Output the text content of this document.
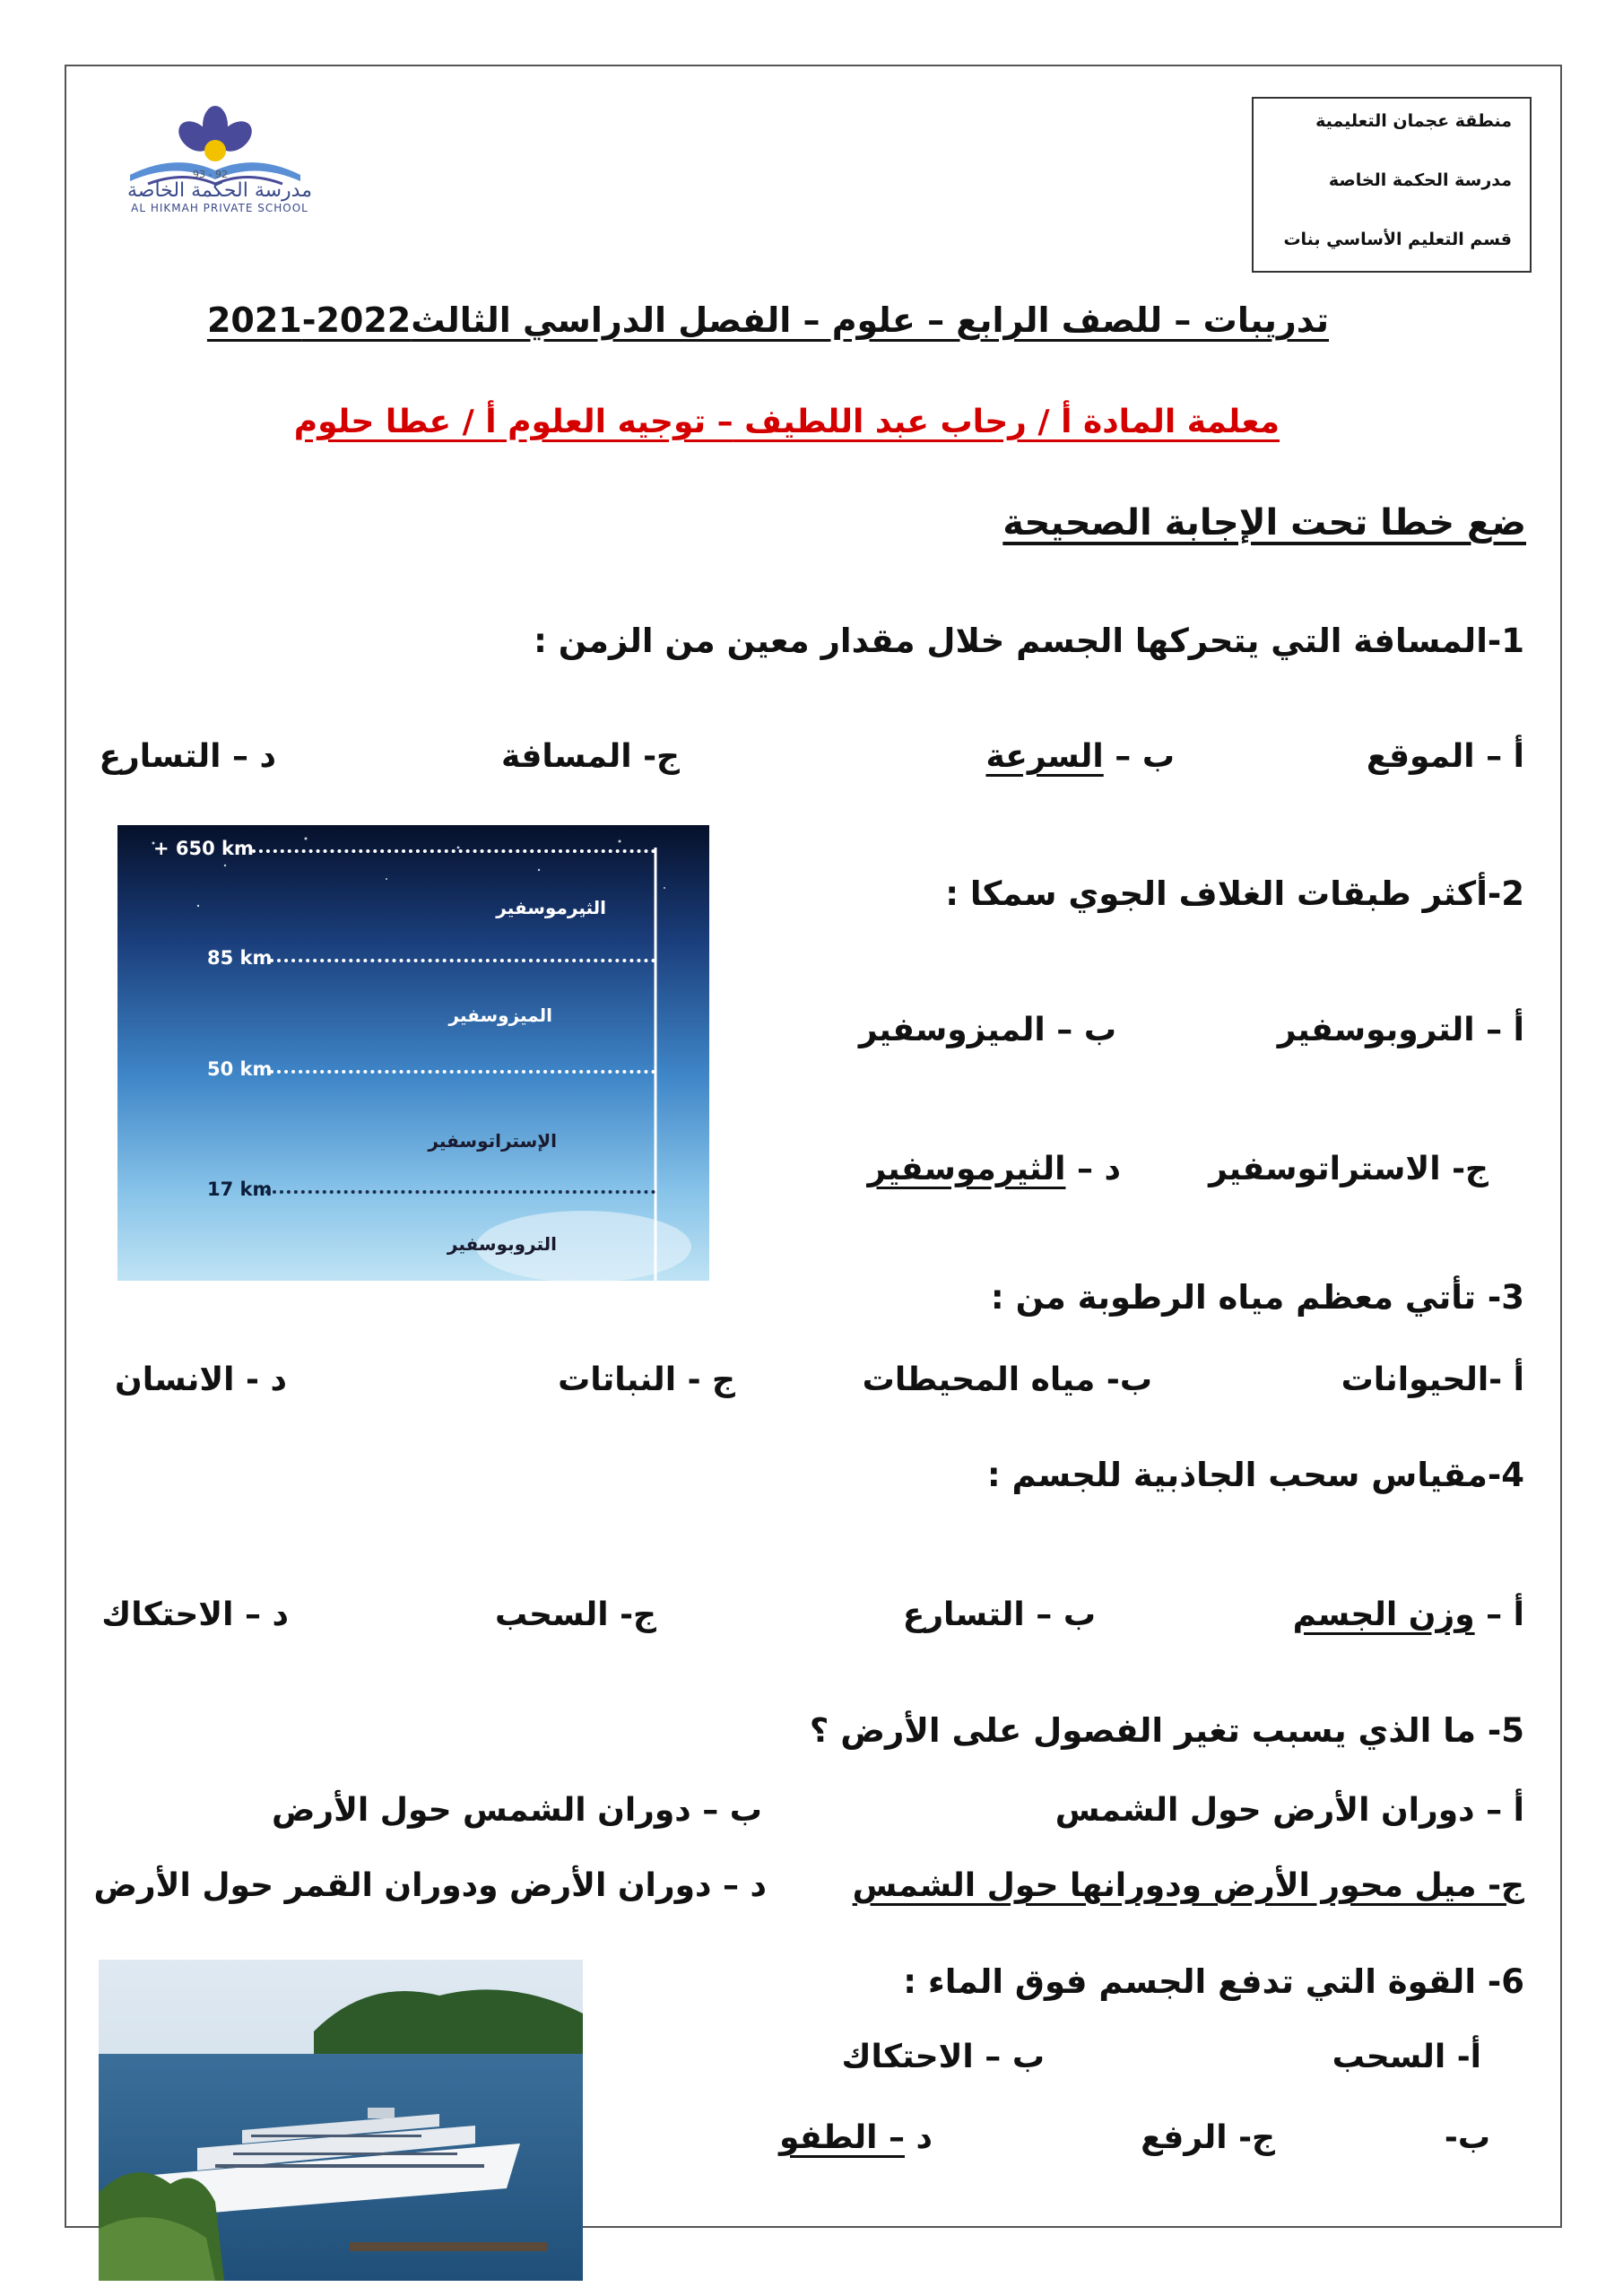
93 - 92
مدرسة الحكمة الخاصة
AL HIKMAH PRIVATE SCHOOL
منطقة عجمان التعليمية
مدرسة الحكمة الخاصة
قسم التعليم الأساسي بنات
تدريبات – للصف الرابع – علوم – الفصل الدراسي الثالث2022-2021
معلمة المادة أ / رحاب عبد اللطيف – توجيه العلوم أ / عطا حلوم
ضع خطا تحت الإجابة الصحيحة
1-المسافة التي يتحركها الجسم خلال مقدار معين من الزمن :
أ – الموقع
ب – السرعة
ج- المسافة
د – التسارع
+ 650 km
الثيرموسفير
85 km
الميزوسفير
50 km
الإستراتوسفير
17 km
التروبوسفير
2-أكثر طبقات الغلاف الجوي سمكا :
أ – التروبوسفير
ب – الميزوسفير
ج- الاستراتوسفير
د – الثيرموسفير
3- تأتي معظم مياه الرطوبة من :
أ -الحيوانات
ب- مياه المحيطات
ج - النباتات
د - الانسان
4-مقياس سحب الجاذبية للجسم :
أ – وزن الجسم
ب – التسارع
ج- السحب
د – الاحتكاك
5- ما الذي يسبب تغير الفصول على الأرض ؟
أ – دوران الأرض حول الشمس
ب – دوران الشمس حول الأرض
ج- ميل محور الأرض ودورانها حول الشمس
د – دوران الأرض ودوران القمر حول الأرض
6- القوة التي تدفع الجسم فوق الماء :
أ- السحب
ب – الاحتكاك
ب-
ج- الرفع
د – الطفو
